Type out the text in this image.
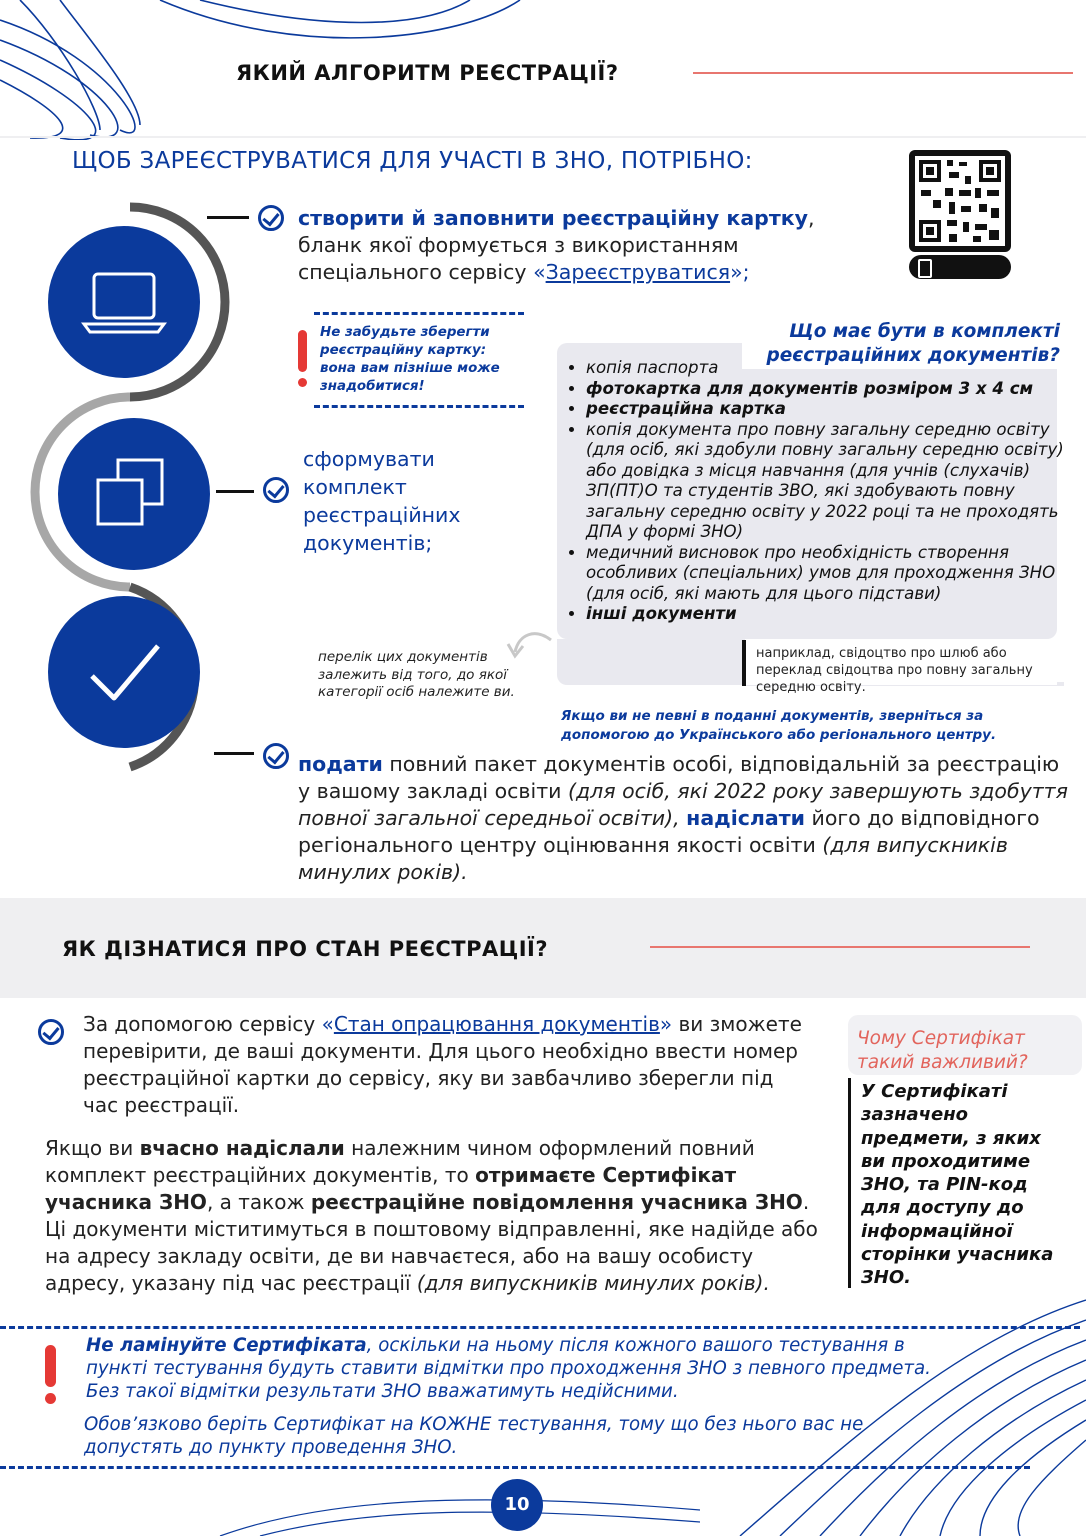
ЯКИЙ АЛГОРИТМ РЕЄСТРАЦІЇ?
ЩОБ ЗАРЕЄСТРУВАТИСЯ ДЛЯ УЧАСТІ В ЗНО, ПОТРІБНО:
створити й заповнити реєстраційну картку, бланк якої формується з використанням спеціального сервісу «Зареєструватися»;
Не забудьте зберегти реєстраційну картку: вона вам пізніше може знадобитися!
сформувати комплект реєстраційних документів;
Що має бути в комплекті реєстраційних документів?
• копія паспорта
• фотокартка для документів розміром 3 х 4 см
• реєстраційна картка
• копія документа про повну загальну середню освіту (для осіб, які здобули повну загальну середню освіту) або довідка з місця навчання (для учнів (слухачів) ЗП(ПТ)О та студентів ЗВО, які здобувають повну загальну середню освіту у 2022 році та не проходять ДПА у формі ЗНО)
• медичний висновок про необхідність створення особливих (спеціальних) умов для проходження ЗНО (для осіб, які мають для цього підстави)
• інші документи
наприклад, свідоцтво про шлюб або переклад свідоцтва про повну загальну середню освіту.
перелік цих документів залежить від того, до якої категорії осіб належите ви.
Якщо ви не певні в поданні документів, зверніться за допомогою до Українського або регіонального центру.
подати повний пакет документів особі, відповідальній за реєстрацію у вашому закладі освіти (для осіб, які 2022 року завершують здобуття повної загальної середньої освіти), надіслати його до відповідного регіонального центру оцінювання якості освіти (для випускників минулих років).
ЯК ДІЗНАТИСЯ ПРО СТАН РЕЄСТРАЦІЇ?
За допомогою сервісу «Стан опрацювання документів» ви зможете перевірити, де ваші документи. Для цього необхідно ввести номер реєстраційної картки до сервісу, яку ви завбачливо зберегли під час реєстрації.
Якщо ви вчасно надіслали належним чином оформлений повний комплект реєстраційних документів, то отримаєте Сертифікат учасника ЗНО, а також реєстраційне повідомлення учасника ЗНО. Ці документи міститимуться в поштовому відправленні, яке надійде або на адресу закладу освіти, де ви навчаєтеся, або на вашу особисту адресу, указану під час реєстрації (для випускників минулих років).
Чому Сертифікат такий важливий?
У Сертифікаті зазначено предмети, з яких ви проходитиме ЗНО, та PIN-код для доступу до інформаційної сторінки учасника ЗНО.
Не ламінуйте Сертифіката, оскільки на ньому після кожного вашого тестування в пункті тестування будуть ставити відмітки про проходження ЗНО з певного предмета. Без такої відмітки результати ЗНО вважатимуть недійсними.
Обов’язково беріть Сертифікат на КОЖНЕ тестування, тому що без нього вас не допустять до пункту проведення ЗНО.
10
